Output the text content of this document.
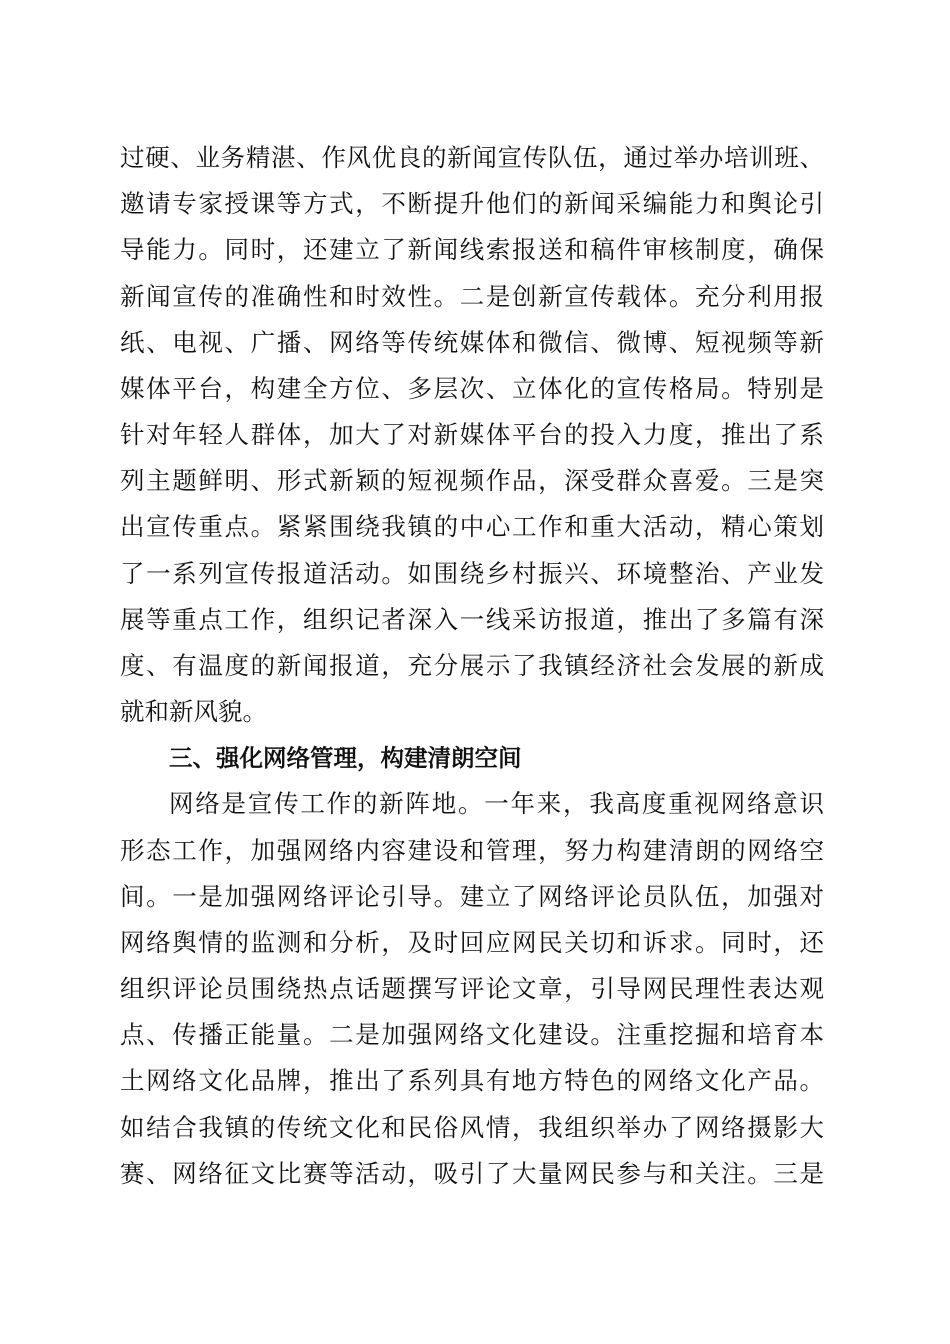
过硬、业务精湛、作风优良的新闻宣传队伍，通过举办培训班、
邀请专家授课等方式，不断提升他们的新闻采编能力和舆论引
导能力。同时，还建立了新闻线索报送和稿件审核制度，确保
新闻宣传的准确性和时效性。二是创新宣传载体。充分利用报
纸、电视、广播、网络等传统媒体和微信、微博、短视频等新
媒体平台，构建全方位、多层次、立体化的宣传格局。特别是
针对年轻人群体，加大了对新媒体平台的投入力度，推出了系
列主题鲜明、形式新颖的短视频作品，深受群众喜爱。三是突
出宣传重点。紧紧围绕我镇的中心工作和重大活动，精心策划
了一系列宣传报道活动。如围绕乡村振兴、环境整治、产业发
展等重点工作，组织记者深入一线采访报道，推出了多篇有深
度、有温度的新闻报道，充分展示了我镇经济社会发展的新成
就和新风貌。
三、强化网络管理，构建清朗空间
网络是宣传工作的新阵地。一年来，我高度重视网络意识
形态工作，加强网络内容建设和管理，努力构建清朗的网络空
间。一是加强网络评论引导。建立了网络评论员队伍，加强对
网络舆情的监测和分析，及时回应网民关切和诉求。同时，还
组织评论员围绕热点话题撰写评论文章，引导网民理性表达观
点、传播正能量。二是加强网络文化建设。注重挖掘和培育本
土网络文化品牌，推出了系列具有地方特色的网络文化产品。
如结合我镇的传统文化和民俗风情，我组织举办了网络摄影大
赛、网络征文比赛等活动，吸引了大量网民参与和关注。三是
